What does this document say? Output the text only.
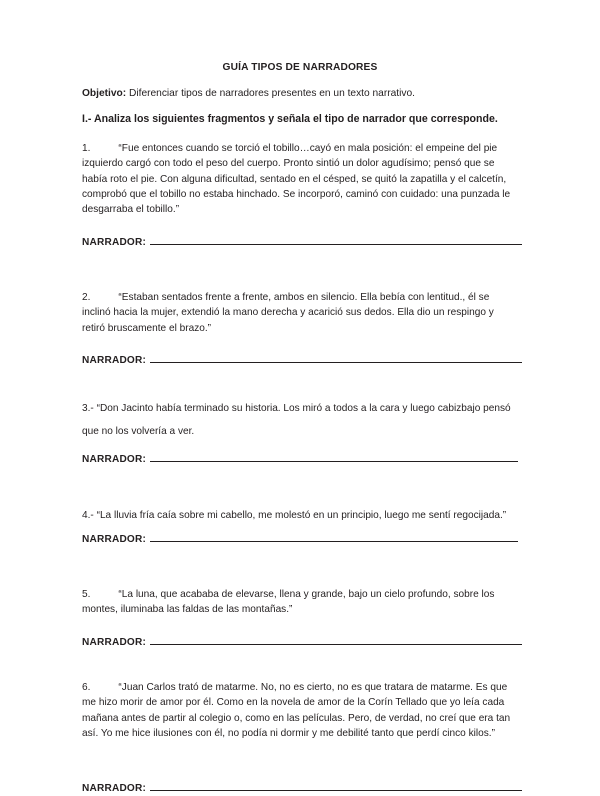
GUÍA TIPOS DE NARRADORES

Objetivo: Diferenciar tipos de narradores presentes en un texto narrativo.

I.- Analiza los siguientes fragmentos y señala el tipo de narrador que corresponde.

1.	“Fue entonces cuando se torció el tobillo…cayó en mala posición: el empeine del pie izquierdo cargó con todo el peso del cuerpo. Pronto sintió un dolor agudísimo; pensó que se había roto el pie. Con alguna dificultad, sentado en el césped, se quitó la zapatilla y el calcetín, comprobó que el tobillo no estaba hinchado. Se incorporó, caminó con cuidado: una punzada le desgarraba el tobillo.”

NARRADOR:

2.	“Estaban sentados frente a frente, ambos en silencio. Ella bebía con lentitud., él se inclinó hacia la mujer, extendió la mano derecha y acarició sus dedos. Ella dio un respingo y retiró bruscamente el brazo.”

NARRADOR:

3.- “Don Jacinto había terminado su historia. Los miró a todos a la cara y luego cabizbajo pensó que no los volvería a ver.

NARRADOR:

4.- “La lluvia fría caía sobre mi cabello, me molestó en un principio, luego me sentí regocijada.”

NARRADOR:

5.	“La luna, que acababa de elevarse, llena y grande, bajo un cielo profundo, sobre los montes, iluminaba las faldas de las montañas.”

NARRADOR:

6.	“Juan Carlos trató de matarme. No, no es cierto, no es que tratara de matarme. Es que me hizo morir de amor por él. Como en la novela de amor de la Corín Tellado que yo leía cada mañana antes de partir al colegio o, como en las películas. Pero, de verdad, no creí que era tan así. Yo me hice ilusiones con él, no podía ni dormir y me debilité tanto que perdí cinco kilos.”

NARRADOR:
